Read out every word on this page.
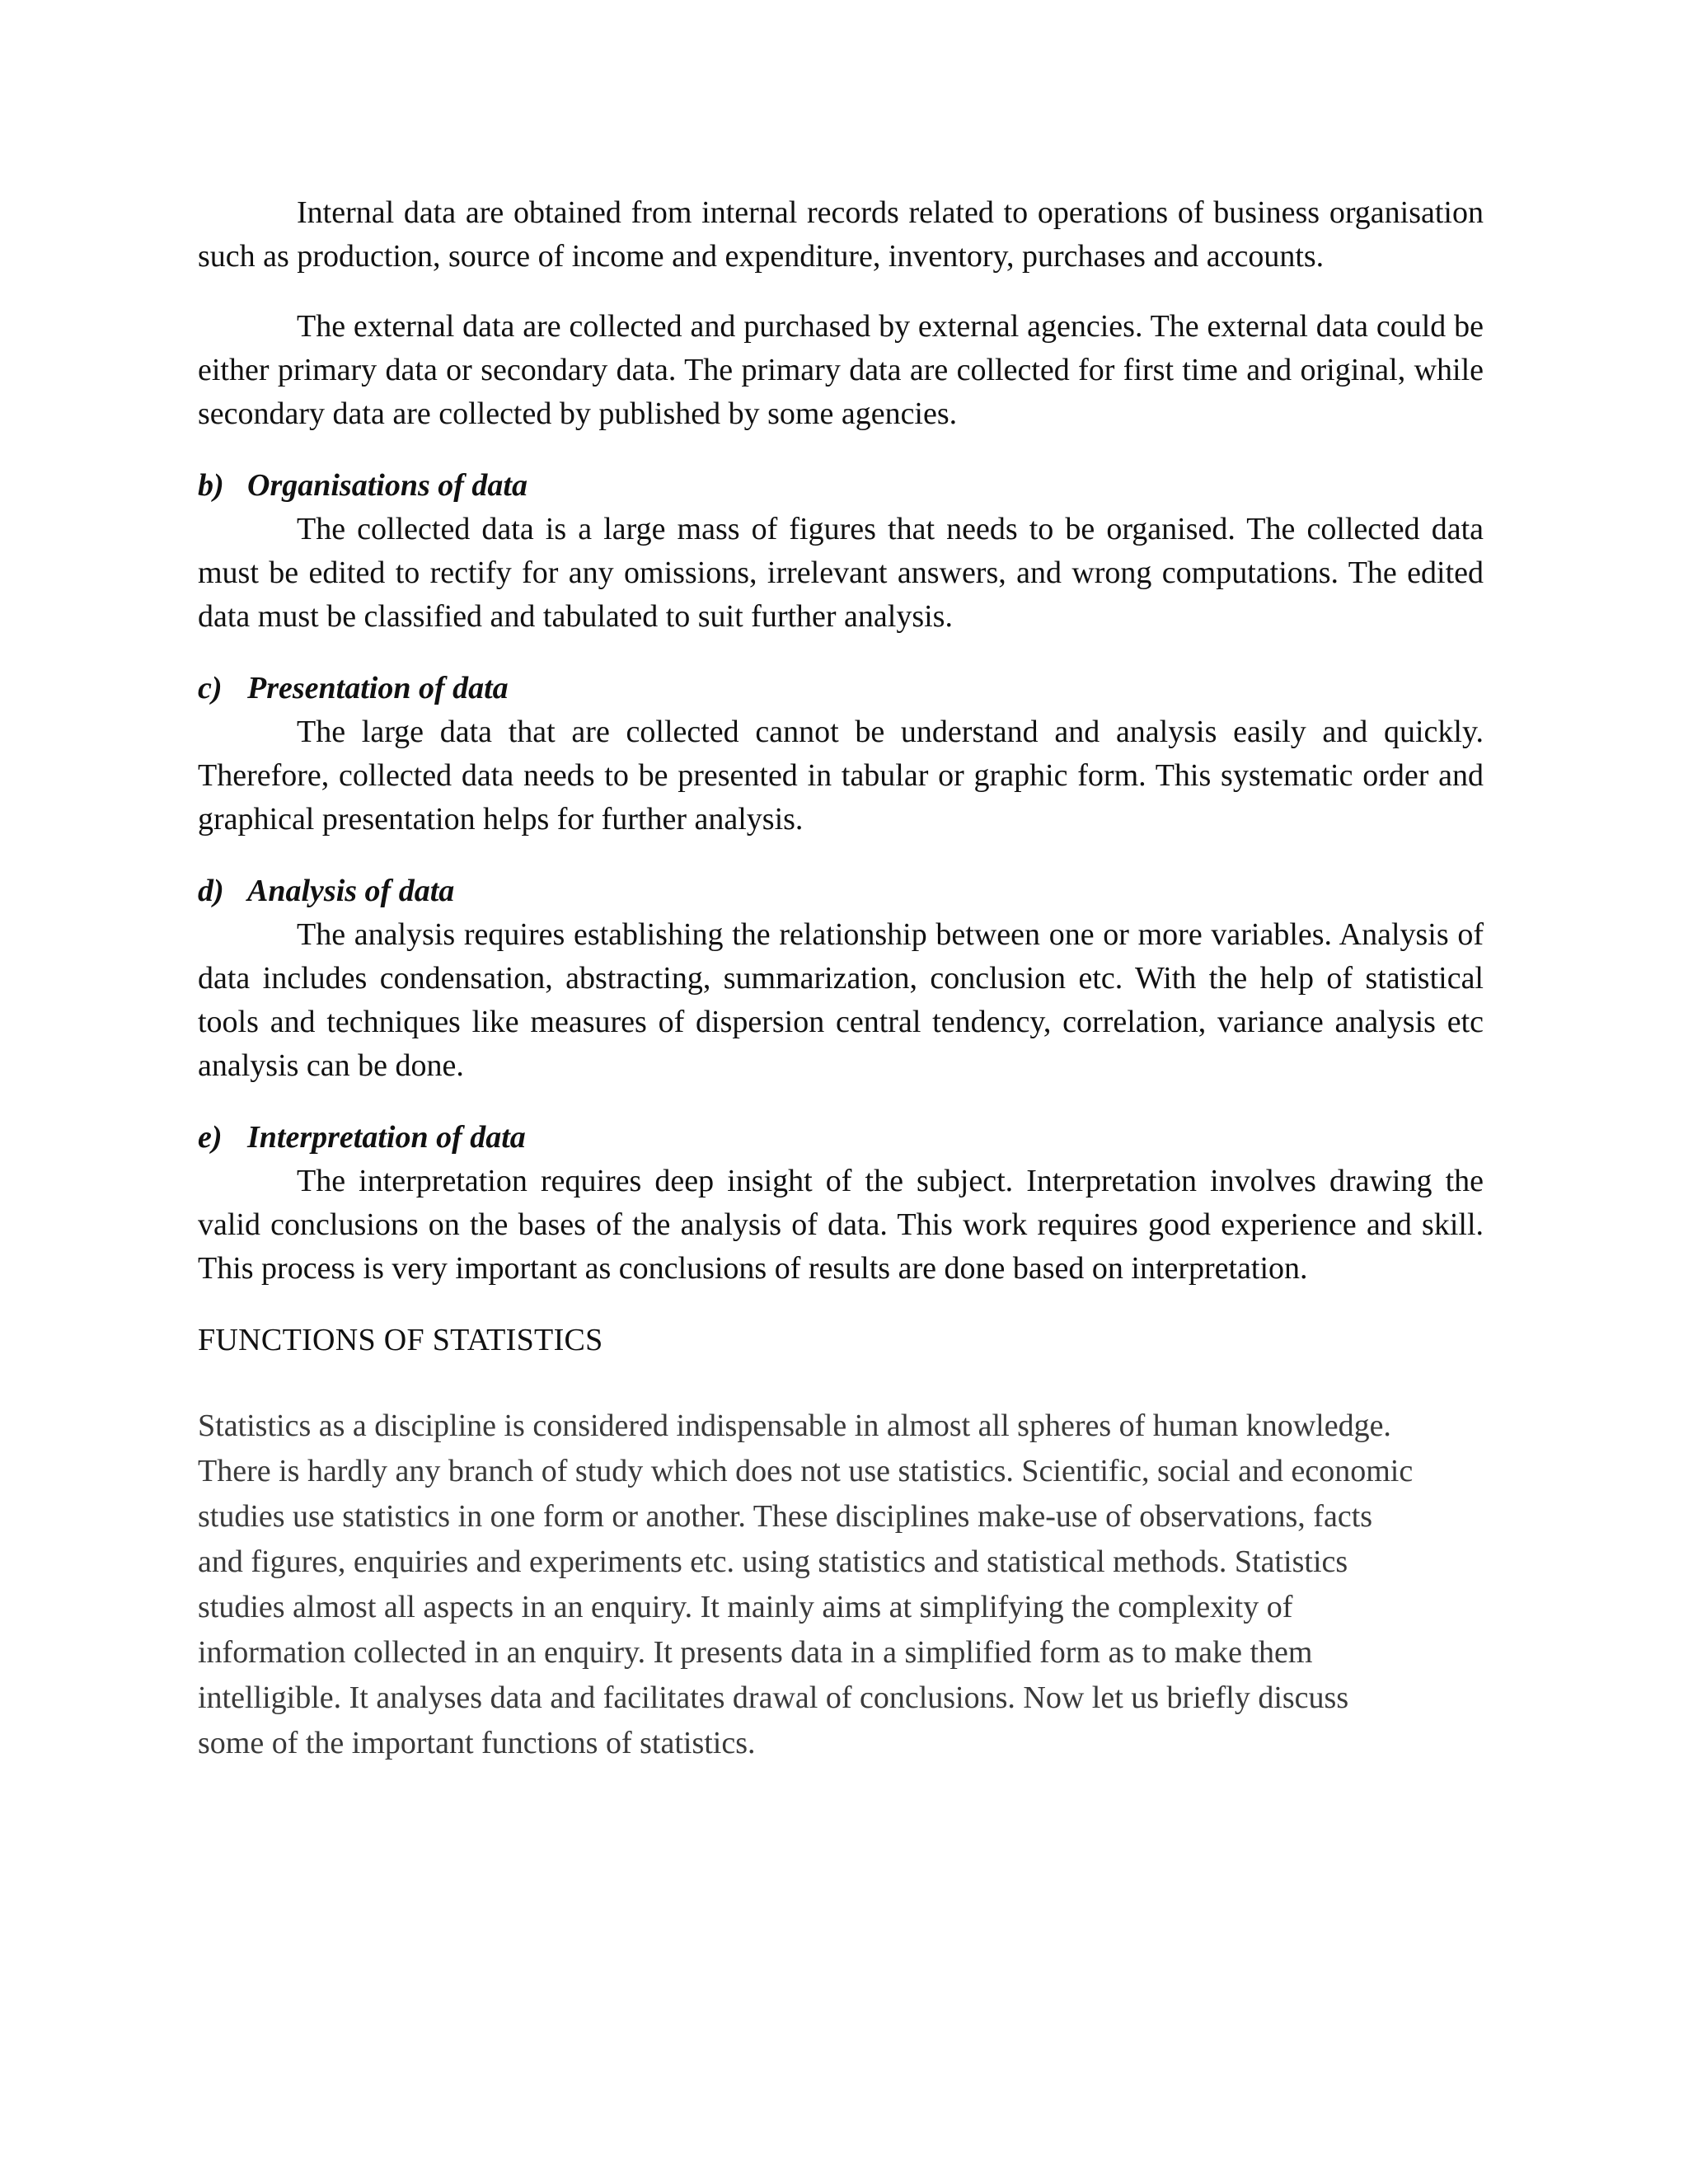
Internal data are obtained from internal records related to operations of business organisation such as production, source of income and expenditure, inventory, purchases and accounts.

The external data are collected and purchased by external agencies. The external data could be either primary data or secondary data. The primary data are collected for first time and original, while secondary data are collected by published by some agencies.

b) Organisations of data

The collected data is a large mass of figures that needs to be organised. The collected data must be edited to rectify for any omissions, irrelevant answers, and wrong computations. The edited data must be classified and tabulated to suit further analysis.

c) Presentation of data

The large data that are collected cannot be understand and analysis easily and quickly. Therefore, collected data needs to be presented in tabular or graphic form. This systematic order and graphical presentation helps for further analysis.

d) Analysis of data

The analysis requires establishing the relationship between one or more variables. Analysis of data includes condensation, abstracting, summarization, conclusion etc. With the help of statistical tools and techniques like measures of dispersion central tendency, correlation, variance analysis etc analysis can be done.

e) Interpretation of data

The interpretation requires deep insight of the subject. Interpretation involves drawing the valid conclusions on the bases of the analysis of data. This work requires good experience and skill. This process is very important as conclusions of results are done based on interpretation.

FUNCTIONS OF STATISTICS
Statistics as a discipline is considered indispensable in almost all spheres of human knowledge.
There is hardly any branch of study which does not use statistics. Scientific, social and economic
studies use statistics in one form or another. These disciplines make-use of observations, facts
and figures, enquiries and experiments etc. using statistics and statistical methods. Statistics
studies almost all aspects in an enquiry. It mainly aims at simplifying the complexity of
information collected in an enquiry. It presents data in a simplified form as to make them
intelligible. It analyses data and facilitates drawal of conclusions. Now let us briefly discuss
some of the important functions of statistics.
